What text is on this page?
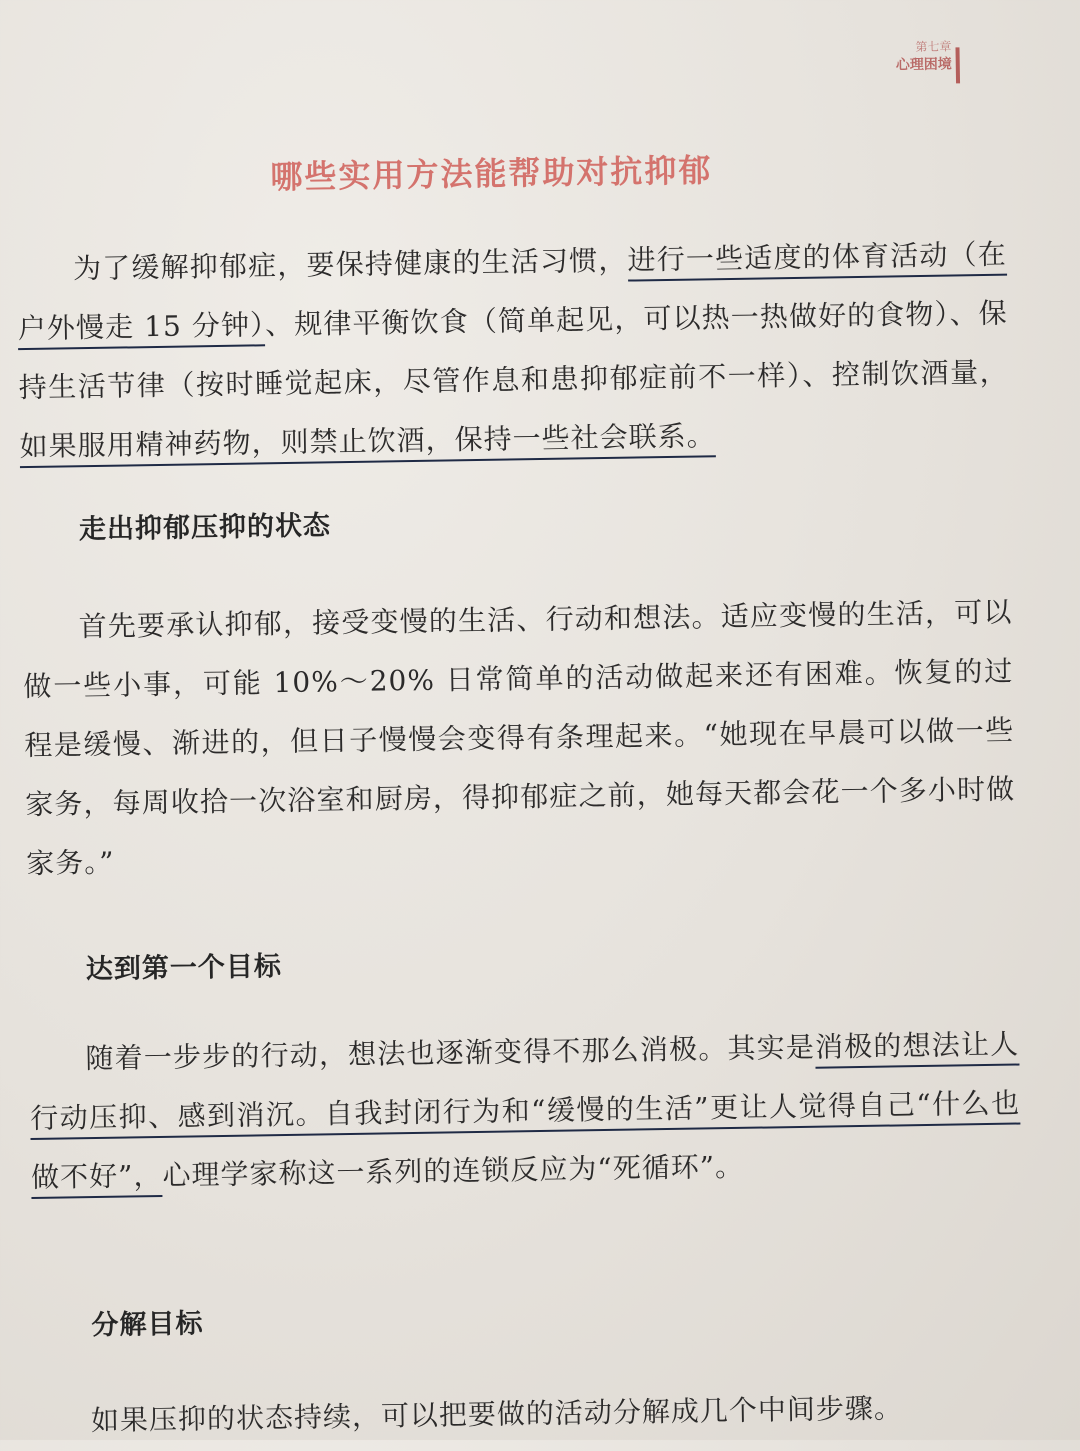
第七章
心理困境
哪些实用方法能帮助对抗抑郁
为了缓解抑郁症，要保持健康的生活习惯，进行一些适度的体育活动（在户外慢走 15 分钟）、规律平衡饮食（简单起见，可以热一热做好的食物）、保持生活节律（按时睡觉起床，尽管作息和患抑郁症前不一样）、控制饮酒量，如果服用精神药物，则禁止饮酒，保持一些社会联系。
走出抑郁压抑的状态
首先要承认抑郁，接受变慢的生活、行动和想法。适应变慢的生活，可以做一些小事，可能 10%～20% 日常简单的活动做起来还有困难。恢复的过程是缓慢、渐进的，但日子慢慢会变得有条理起来。“她现在早晨可以做一些家务，每周收拾一次浴室和厨房，得抑郁症之前，她每天都会花一个多小时做家务。”
达到第一个目标
随着一步步的行动，想法也逐渐变得不那么消极。其实是消极的想法让人行动压抑、感到消沉。自我封闭行为和“缓慢的生活”更让人觉得自己“什么也做不好”，心理学家称这一系列的连锁反应为“死循环”。
分解目标
如果压抑的状态持续，可以把要做的活动分解成几个中间步骤。
